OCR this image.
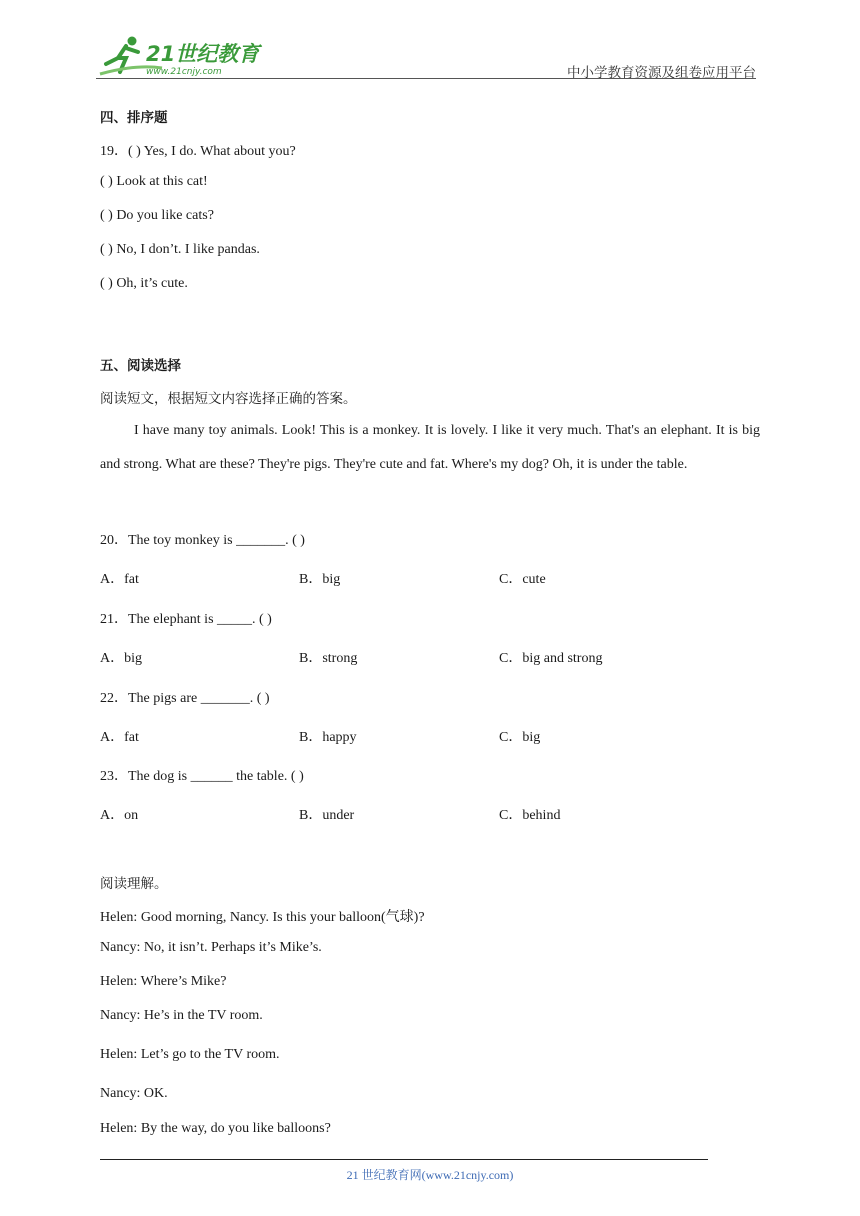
21世纪教育
www.21cnjy.com	中小学教育资源及组卷应用平台
四、排序题
19．( ) Yes, I do. What about you?
( ) Look at this cat!
( ) Do you like cats?
( ) No, I don’t. I like pandas.
( ) Oh, it’s cute.
五、阅读选择
阅读短文，根据短文内容选择正确的答案。
I have many toy animals. Look! This is a monkey. It is lovely. I like it very much. That's an elephant. It is big and strong. What are these? They're pigs. They're cute and fat. Where's my dog? Oh, it is under the table.
20．The toy monkey is _______. ( )
A．fat	B．big	C．cute
21．The elephant is _____. ( )
A．big	B．strong	C．big and strong
22．The pigs are _______. ( )
A．fat	B．happy	C．big
23．The dog is ______ the table. ( )
A．on	B．under	C．behind
阅读理解。
Helen: Good morning, Nancy. Is this your balloon(气球)?
Nancy: No, it isn’t. Perhaps it’s Mike’s.
Helen: Where’s Mike?
Nancy: He’s in the TV room.
Helen: Let’s go to the TV room.
Nancy: OK.
Helen: By the way, do you like balloons?
21 世纪教育网(www.21cnjy.com)
